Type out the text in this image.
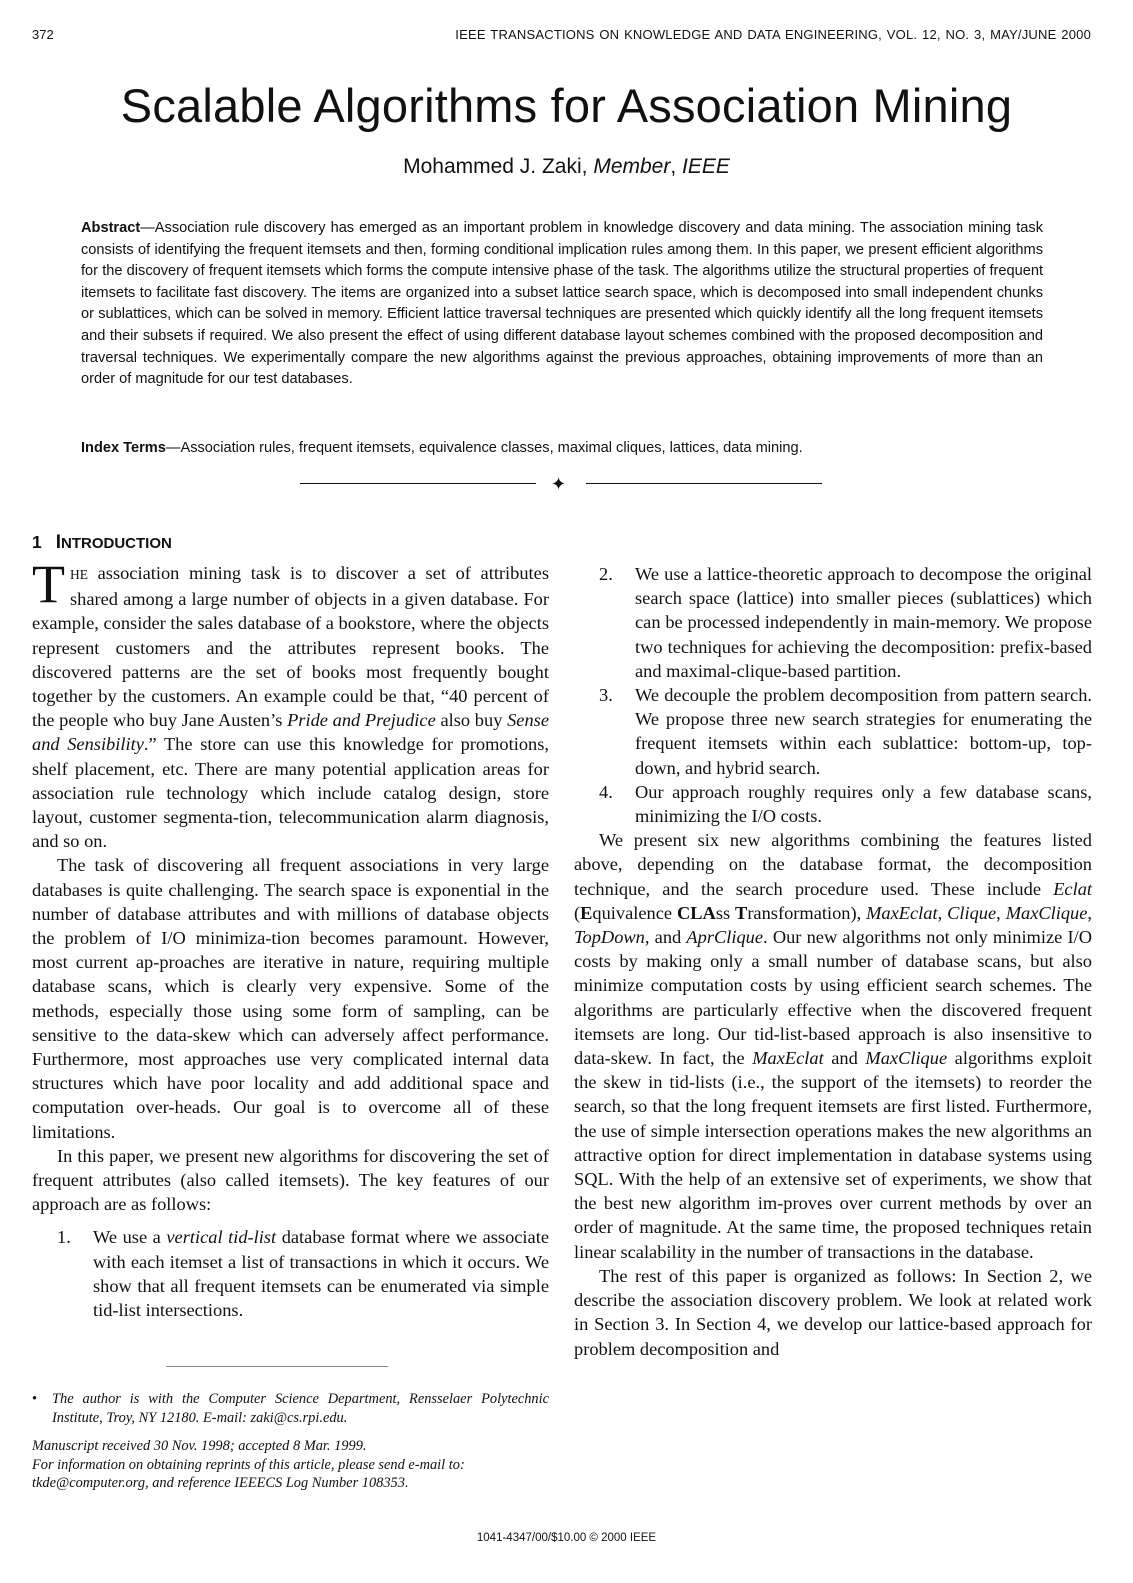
372	IEEE TRANSACTIONS ON KNOWLEDGE AND DATA ENGINEERING, VOL. 12, NO. 3, MAY/JUNE 2000
Scalable Algorithms for Association Mining
Mohammed J. Zaki, Member, IEEE

Abstract—Association rule discovery has emerged as an important problem in knowledge discovery and data mining. The association mining task consists of identifying the frequent itemsets and then, forming conditional implication rules among them. In this paper, we present efficient algorithms for the discovery of frequent itemsets which forms the compute intensive phase of the task. The algorithms utilize the structural properties of frequent itemsets to facilitate fast discovery. The items are organized into a subset lattice search space, which is decomposed into small independent chunks or sublattices, which can be solved in memory. Efficient lattice traversal techniques are presented which quickly identify all the long frequent itemsets and their subsets if required. We also present the effect of using different database layout schemes combined with the proposed decomposition and traversal techniques. We experimentally compare the new algorithms against the previous approaches, obtaining improvements of more than an order of magnitude for our test databases.

Index Terms—Association rules, frequent itemsets, equivalence classes, maximal cliques, lattices, data mining.

✦
1 INTRODUCTION

THE association mining task is to discover a set of attributes shared among a large number of objects in a given database. For example, consider the sales database of a bookstore, where the objects represent customers and the attributes represent books. The discovered patterns are the set of books most frequently bought together by the customers. An example could be that, “40 percent of the people who buy Jane Austen’s Pride and Prejudice also buy Sense and Sensibility.” The store can use this knowledge for promotions, shelf placement, etc. There are many potential application areas for association rule technology which include catalog design, store layout, customer segmenta-tion, telecommunication alarm diagnosis, and so on.

The task of discovering all frequent associations in very large databases is quite challenging. The search space is exponential in the number of database attributes and with millions of database objects the problem of I/O minimiza-tion becomes paramount. However, most current ap-proaches are iterative in nature, requiring multiple database scans, which is clearly very expensive. Some of the methods, especially those using some form of sampling, can be sensitive to the data-skew which can adversely affect performance. Furthermore, most approaches use very complicated internal data structures which have poor locality and add additional space and computation over-heads. Our goal is to overcome all of these limitations.

In this paper, we present new algorithms for discovering the set of frequent attributes (also called itemsets). The key features of our approach are as follows:

1. We use a vertical tid-list database format where we associate with each itemset a list of transactions in which it occurs. We show that all frequent itemsets can be enumerated via simple tid-list intersections.
• The author is with the Computer Science Department, Rensselaer Polytechnic Institute, Troy, NY 12180. E-mail: zaki@cs.rpi.edu.
Manuscript received 30 Nov. 1998; accepted 8 Mar. 1999.
For information on obtaining reprints of this article, please send e-mail to: tkde@computer.org, and reference IEEECS Log Number 108353.
2. We use a lattice-theoretic approach to decompose the original search space (lattice) into smaller pieces (sublattices) which can be processed independently in main-memory. We propose two techniques for achieving the decomposition: prefix-based and maximal-clique-based partition.
3. We decouple the problem decomposition from pattern search. We propose three new search strategies for enumerating the frequent itemsets within each sublattice: bottom-up, top-down, and hybrid search.
4. Our approach roughly requires only a few database scans, minimizing the I/O costs.

We present six new algorithms combining the features listed above, depending on the database format, the decomposition technique, and the search procedure used. These include Eclat (Equivalence CLAss Transformation), MaxEclat, Clique, MaxClique, TopDown, and AprClique. Our new algorithms not only minimize I/O costs by making only a small number of database scans, but also minimize computation costs by using efficient search schemes. The algorithms are particularly effective when the discovered frequent itemsets are long. Our tid-list-based approach is also insensitive to data-skew. In fact, the MaxEclat and MaxClique algorithms exploit the skew in tid-lists (i.e., the support of the itemsets) to reorder the search, so that the long frequent itemsets are first listed. Furthermore, the use of simple intersection operations makes the new algorithms an attractive option for direct implementation in database systems using SQL. With the help of an extensive set of experiments, we show that the best new algorithm im-proves over current methods by over an order of magnitude. At the same time, the proposed techniques retain linear scalability in the number of transactions in the database.

The rest of this paper is organized as follows: In Section 2, we describe the association discovery problem. We look at related work in Section 3. In Section 4, we develop our lattice-based approach for problem decomposition and

1041-4347/00/$10.00 © 2000 IEEE
